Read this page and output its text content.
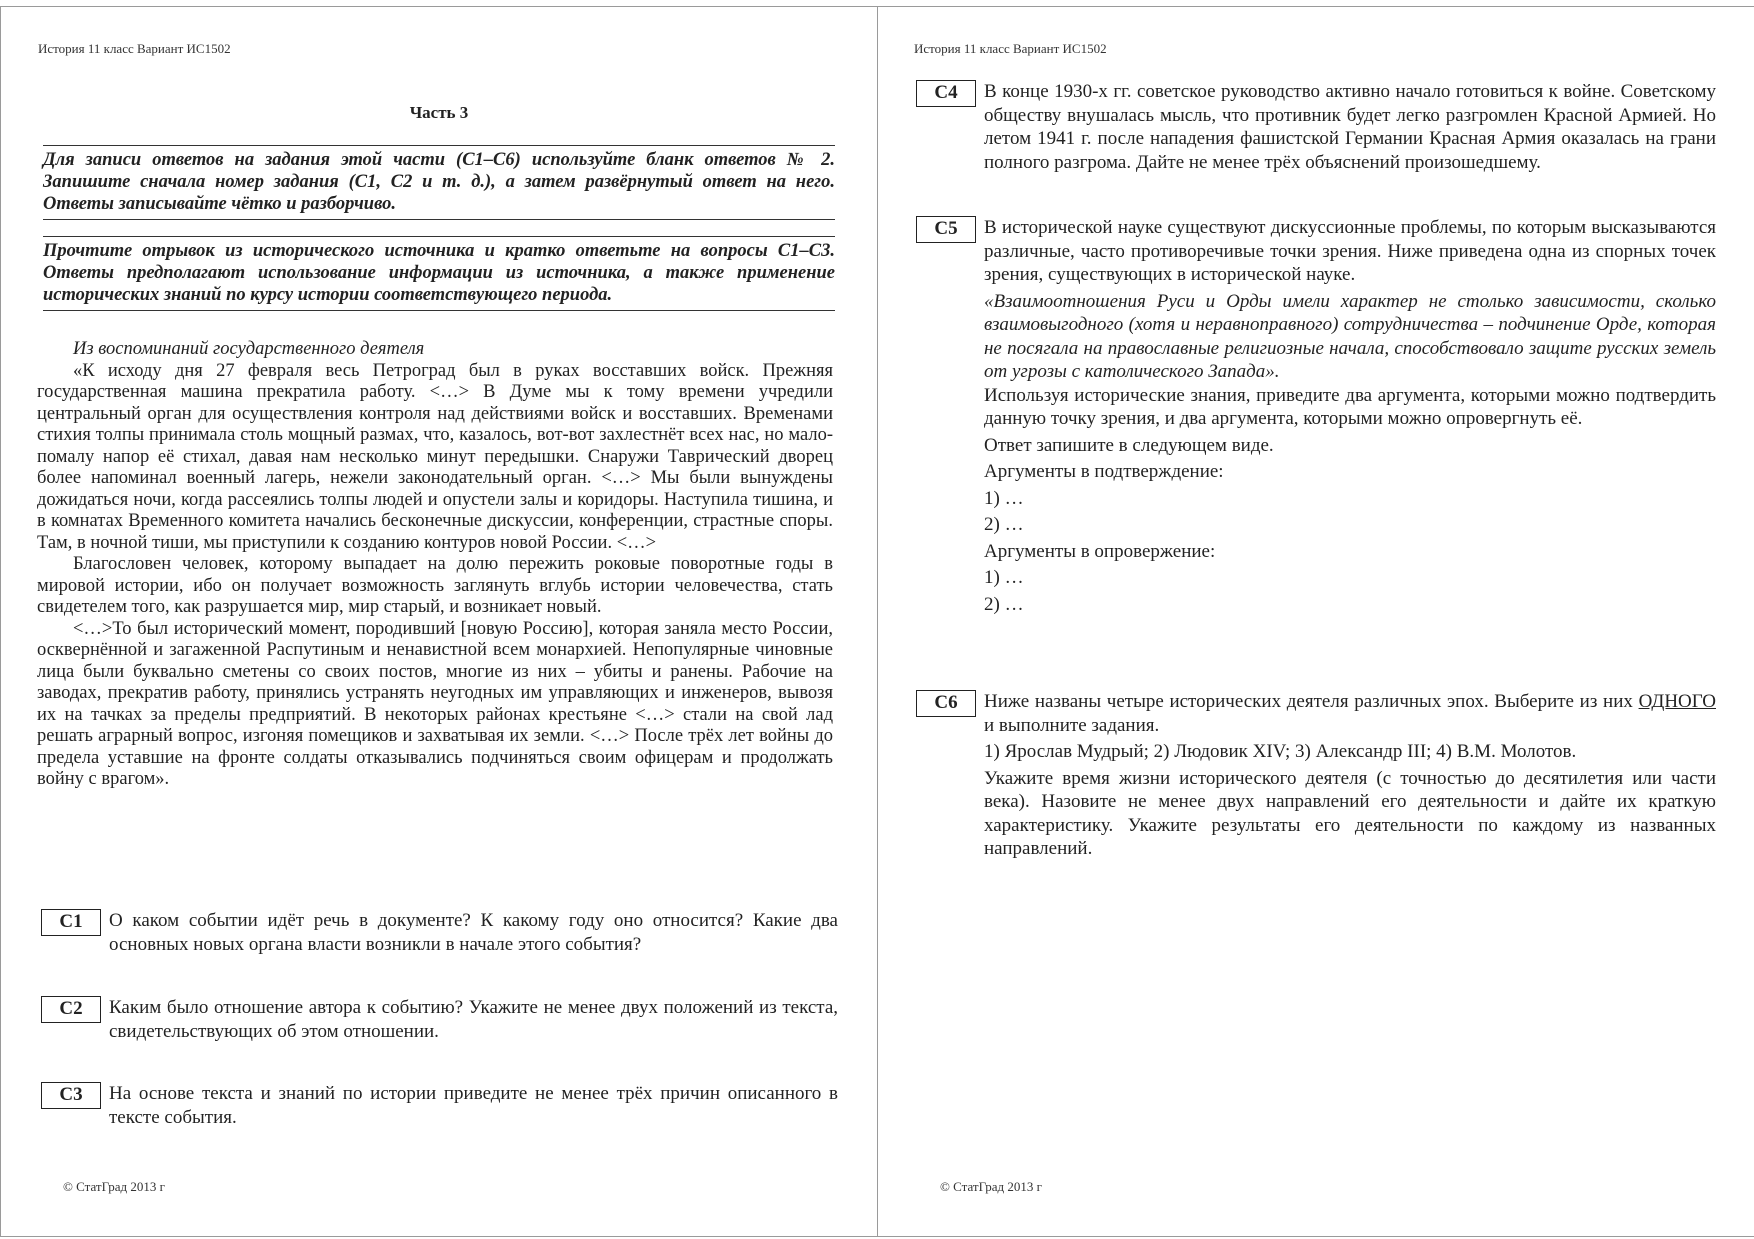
История 11 класс Вариант ИС1502
Часть 3
Для записи ответов на задания этой части (С1–С6) используйте бланк ответов № 2. Запишите сначала номер задания (С1, С2 и т. д.), а затем развёрнутый ответ на него. Ответы записывайте чётко и разборчиво.
Прочтите отрывок из исторического источника и кратко ответьте на вопросы С1–С3. Ответы предполагают использование информации из источника, а также применение исторических знаний по курсу истории соответствующего периода.

Из воспоминаний государственного деятеля

«К исходу дня 27 февраля весь Петроград был в руках восставших войск. Прежняя государственная машина прекратила работу. <…> В Думе мы к тому времени учредили центральный орган для осуществления контроля над действиями войск и восставших. Временами стихия толпы принимала столь мощный размах, что, казалось, вот-вот захлестнёт всех нас, но мало-помалу напор её стихал, давая нам несколько минут передышки. Снаружи Таврический дворец более напоминал военный лагерь, нежели законодательный орган. <…> Мы были вынуждены дожидаться ночи, когда рассеялись толпы людей и опустели залы и коридоры. Наступила тишина, и в комнатах Временного комитета начались бесконечные дискуссии, конференции, страстные споры. Там, в ночной тиши, мы приступили к созданию контуров новой России. <…>

Благословен человек, которому выпадает на долю пережить роковые поворотные годы в мировой истории, ибо он получает возможность заглянуть вглубь истории человечества, стать свидетелем того, как разрушается мир, мир старый, и возникает новый.

<…>То был исторический момент, породивший [новую Россию], которая заняла место России, осквернённой и загаженной Распутиным и ненавистной всем монархией. Непопулярные чиновные лица были буквально сметены со своих постов, многие из них – убиты и ранены. Рабочие на заводах, прекратив работу, принялись устранять неугодных им управляющих и инженеров, вывозя их на тачках за пределы предприятий. В некоторых районах крестьяне <…> стали на свой лад решать аграрный вопрос, изгоняя помещиков и захватывая их земли. <…> После трёх лет войны до предела уставшие на фронте солдаты отказывались подчиняться своим офицерам и продолжать войну с врагом».

С1	О каком событии идёт речь в документе? К какому году оно относится? Какие два основных новых органа власти возникли в начале этого события?
С2	Каким было отношение автора к событию? Укажите не менее двух положений из текста, свидетельствующих об этом отношении.
С3	На основе текста и знаний по истории приведите не менее трёх причин описанного в тексте события.
© СтатГрад 2013 г
История 11 класс Вариант ИС1502
С4	В конце 1930-х гг. советское руководство активно начало готовиться к войне. Советскому обществу внушалась мысль, что противник будет легко разгромлен Красной Армией. Но летом 1941 г. после нападения фашистской Германии Красная Армия оказалась на грани полного разгрома. Дайте не менее трёх объяснений произошедшему.

С5	В исторической науке существуют дискуссионные проблемы, по которым высказываются различные, часто противоречивые точки зрения. Ниже приведена одна из спорных точек зрения, существующих в исторической науке.

«Взаимоотношения Руси и Орды имели характер не столько зависимости, сколько взаимовыгодного (хотя и неравноправного) сотрудничества – подчинение Орде, которая не посягала на православные религиозные начала, способствовало защите русских земель от угрозы с католического Запада».

Используя исторические знания, приведите два аргумента, которыми можно подтвердить данную точку зрения, и два аргумента, которыми можно опровергнуть её.

Ответ запишите в следующем виде.

Аргументы в подтверждение:

1) …

2) …

Аргументы в опровержение:

1) …

2) …

С6	Ниже названы четыре исторических деятеля различных эпох. Выберите из них ОДНОГО и выполните задания.

1) Ярослав Мудрый; 2) Людовик XIV; 3) Александр III; 4) В.М. Молотов.

Укажите время жизни исторического деятеля (с точностью до десятилетия или части века). Назовите не менее двух направлений его деятельности и дайте их краткую характеристику. Укажите результаты его деятельности по каждому из названных направлений.

© СтатГрад 2013 г
